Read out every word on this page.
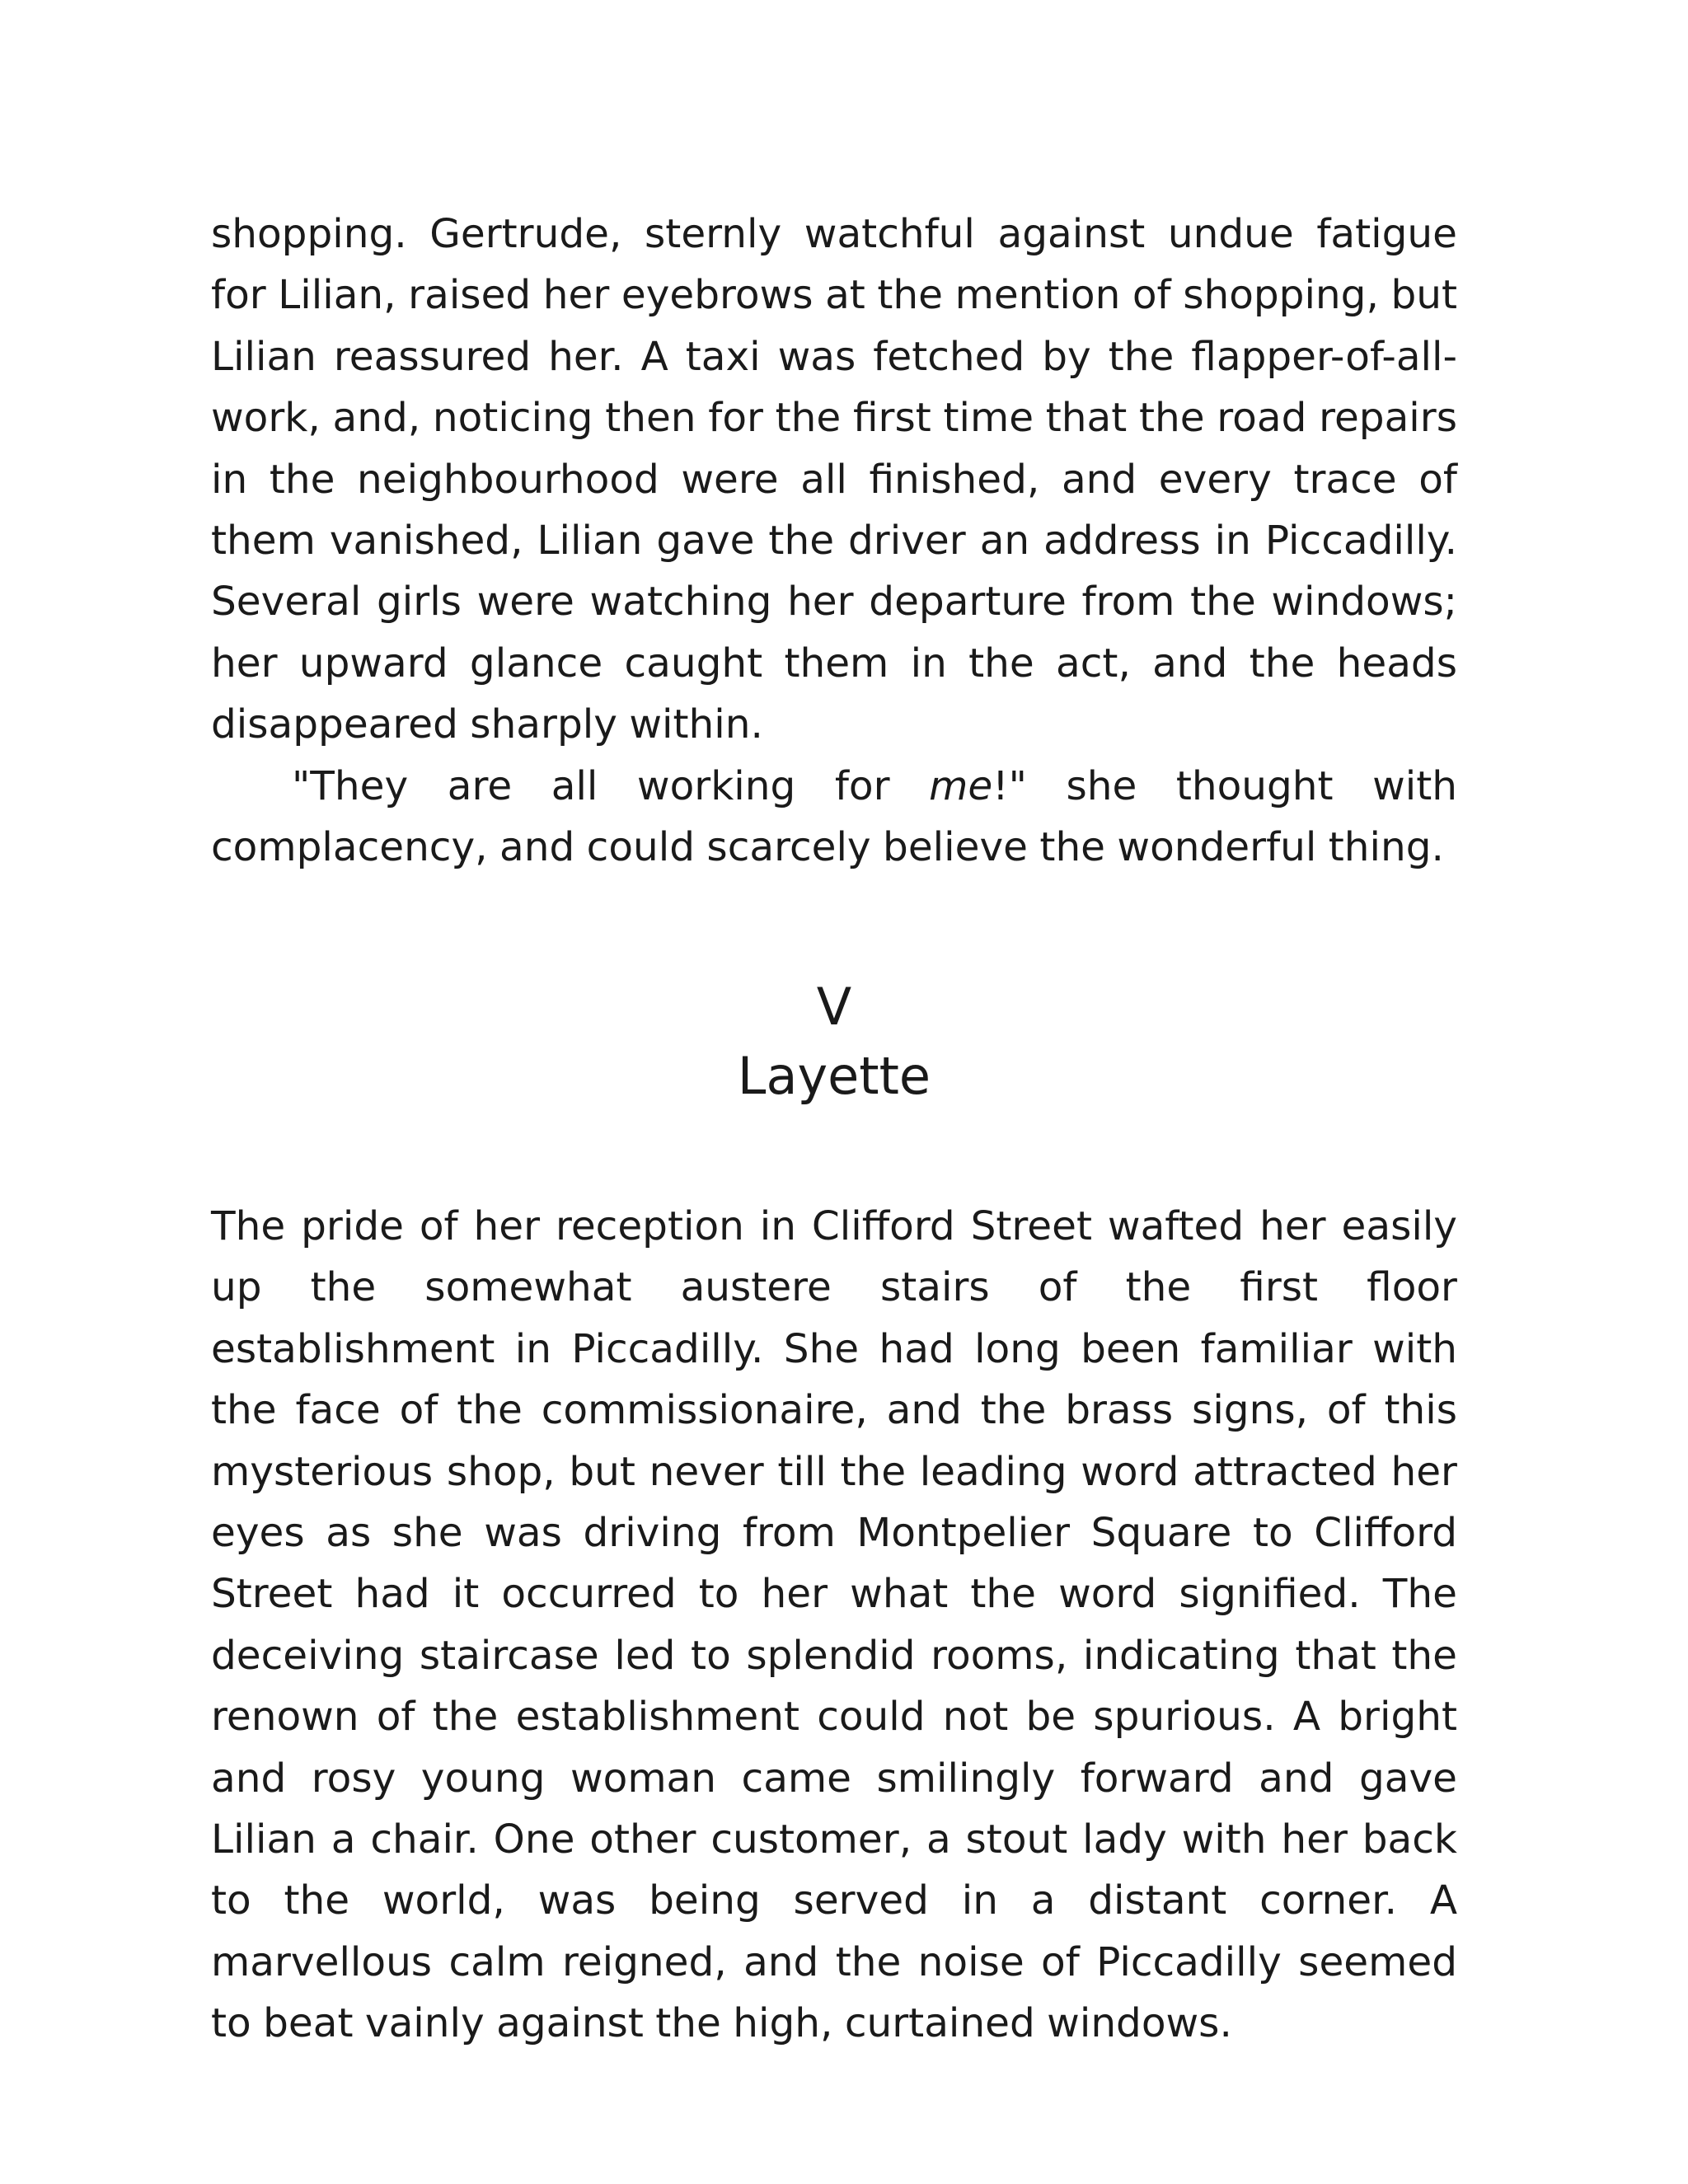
shopping. Gertrude, sternly watchful against undue fatigue for Lilian, raised her eyebrows at the mention of shopping, but Lilian reassured her. A taxi was fetched by the flapper-of-all-work, and, noticing then for the first time that the road repairs in the neighbourhood were all finished, and every trace of them vanished, Lilian gave the driver an address in Piccadilly. Several girls were watching her departure from the windows; her upward glance caught them in the act, and the heads disappeared sharply within.

"They are all working for me!" she thought with complacency, and could scarcely believe the wonderful thing.

V
Layette

The pride of her reception in Clifford Street wafted her easily up the somewhat austere stairs of the first floor establishment in Piccadilly. She had long been familiar with the face of the commissionaire, and the brass signs, of this mysterious shop, but never till the leading word attracted her eyes as she was driving from Montpelier Square to Clifford Street had it occurred to her what the word signified. The deceiving staircase led to splendid rooms, indicating that the renown of the establishment could not be spurious. A bright and rosy young woman came smilingly forward and gave Lilian a chair. One other customer, a stout lady with her back to the world, was being served in a distant corner. A marvellous calm reigned, and the noise of Piccadilly seemed to beat vainly against the high, curtained windows.
